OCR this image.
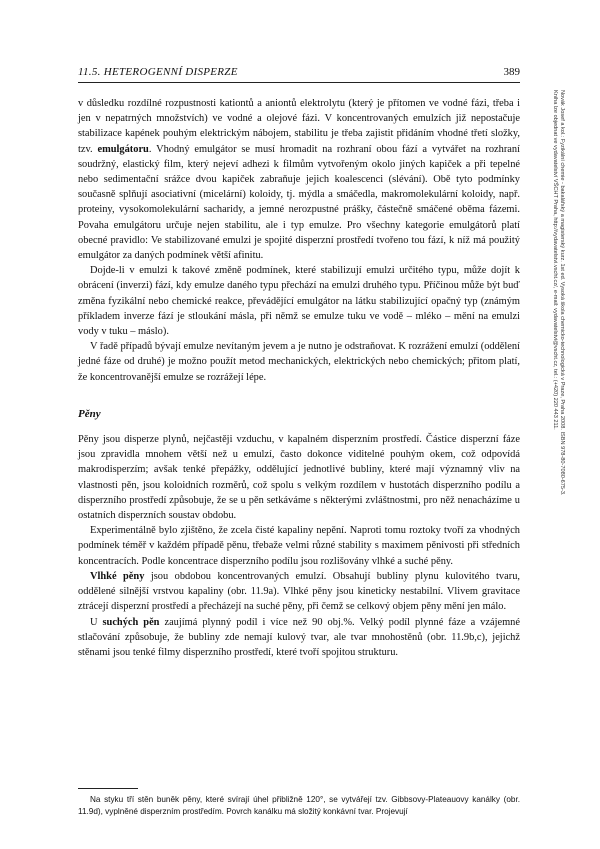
11.5. HETEROGENNÍ DISPERZE	389

v důsledku rozdílné rozpustnosti kationtů a aniontů elektrolytu (který je přítomen ve vodné fázi, třeba i jen v nepatrných množstvích) ve vodné a olejové fázi. V koncentrovaných emulzích již nepostačuje stabilizace kapének pouhým elektrickým nábojem, stabilitu je třeba zajistit přidáním vhodné třetí složky, tzv. emulgátoru. Vhodný emulgátor se musí hromadit na rozhraní obou fází a vytvářet na rozhraní soudržný, elastický film, který nejeví adhezi k filmům vytvořeným okolo jiných kapiček a při tepelné nebo sedimentační srážce dvou kapiček zabraňuje jejich koalescenci (slévání). Obě tyto podmínky současně splňují asociativní (micelární) koloidy, tj. mýdla a smáčedla, makromolekulární koloidy, např. proteiny, vysokomolekulární sacharidy, a jemné nerozpustné prášky, částečně smáčené oběma fázemi. Povaha emulgátoru určuje nejen stabilitu, ale i typ emulze. Pro všechny kategorie emulgátorů platí obecné pravidlo: Ve stabilizované emulzi je spojité disperzní prostředí tvořeno tou fází, k níž má použitý emulgátor za daných podmínek větší afinitu.

Dojde-li v emulzi k takové změně podmínek, které stabilizují emulzi určitého typu, může dojít k obrácení (inverzi) fází, kdy emulze daného typu přechází na emulzi druhého typu. Příčinou může být buď změna fyzikální nebo chemické reakce, převádějící emulgátor na látku stabilizující opačný typ (známým příkladem inverze fází je stloukání másla, při němž se emulze tuku ve vodě – mléko – mění na emulzi vody v tuku – máslo).

V řadě případů bývají emulze nevítaným jevem a je nutno je odstraňovat. K rozrážení emulzí (oddělení jedné fáze od druhé) je možno použít metod mechanických, elektrických nebo chemických; přitom platí, že koncentrovanější emulze se rozrážejí lépe.

Pěny

Pěny jsou disperze plynů, nejčastěji vzduchu, v kapalném disperzním prostředí. Částice disperzní fáze jsou zpravidla mnohem větší než u emulzí, často dokonce viditelné pouhým okem, což odpovídá makrodisperzím; avšak tenké přepážky, oddělující jednotlivé bubliny, které mají významný vliv na vlastnosti pěn, jsou koloidních rozměrů, což spolu s velkým rozdílem v hustotách disperzního podílu a disperzního prostředí způsobuje, že se u pěn setkáváme s některými zvláštnostmi, pro něž nenacházíme u ostatních disperzních soustav obdobu.

Experimentálně bylo zjištěno, že zcela čisté kapaliny nepění. Naproti tomu roztoky tvoří za vhodných podmínek téměř v každém případě pěnu, třebaže velmi různé stability s maximem pěnivosti při středních koncentracích. Podle koncentrace disperzního podílu jsou rozlišovány vlhké a suché pěny.

Vlhké pěny jsou obdobou koncentrovaných emulzí. Obsahují bubliny plynu kulovitého tvaru, oddělené silnější vrstvou kapaliny (obr. 11.9a). Vlhké pěny jsou kineticky nestabilní. Vlivem gravitace ztrácejí disperzní prostředí a přecházejí na suché pěny, při čemž se celkový objem pěny mění jen málo.

U suchých pěn zaujímá plynný podíl i více než 90 obj.%. Velký podíl plynné fáze a vzájemné stlačování způsobuje, že bubliny zde nemají kulový tvar, ale tvar mnohostěnů (obr. 11.9b,c), jejichž stěnami jsou tenké filmy disperzního prostředí, které tvoří spojitou strukturu.

Na styku tří stěn buněk pěny, které svírají úhel přibližně 120°, se vytvářejí tzv. Gibbsovy-Plateauovy kanálky (obr. 11.9d), vyplněné disperzním prostředím. Povrch kanálku má složitý konkávní tvar. Projevují
Novák Josef a kol.: Fyzikální chemie - bakalářský a magisterský kurz. 1st ed. Vysoká škola chemicko-technologická v Praze, Praha 2008. ISBN 978-80-7080-675-3.
Kniha lze objednat ve vydavatelství VŠCHT Praha, http://vydavatelstvi.vscht.cz/, e-mail: vydavatelstvi@vscht.cz, tel.: (+420) 220 443 211.
